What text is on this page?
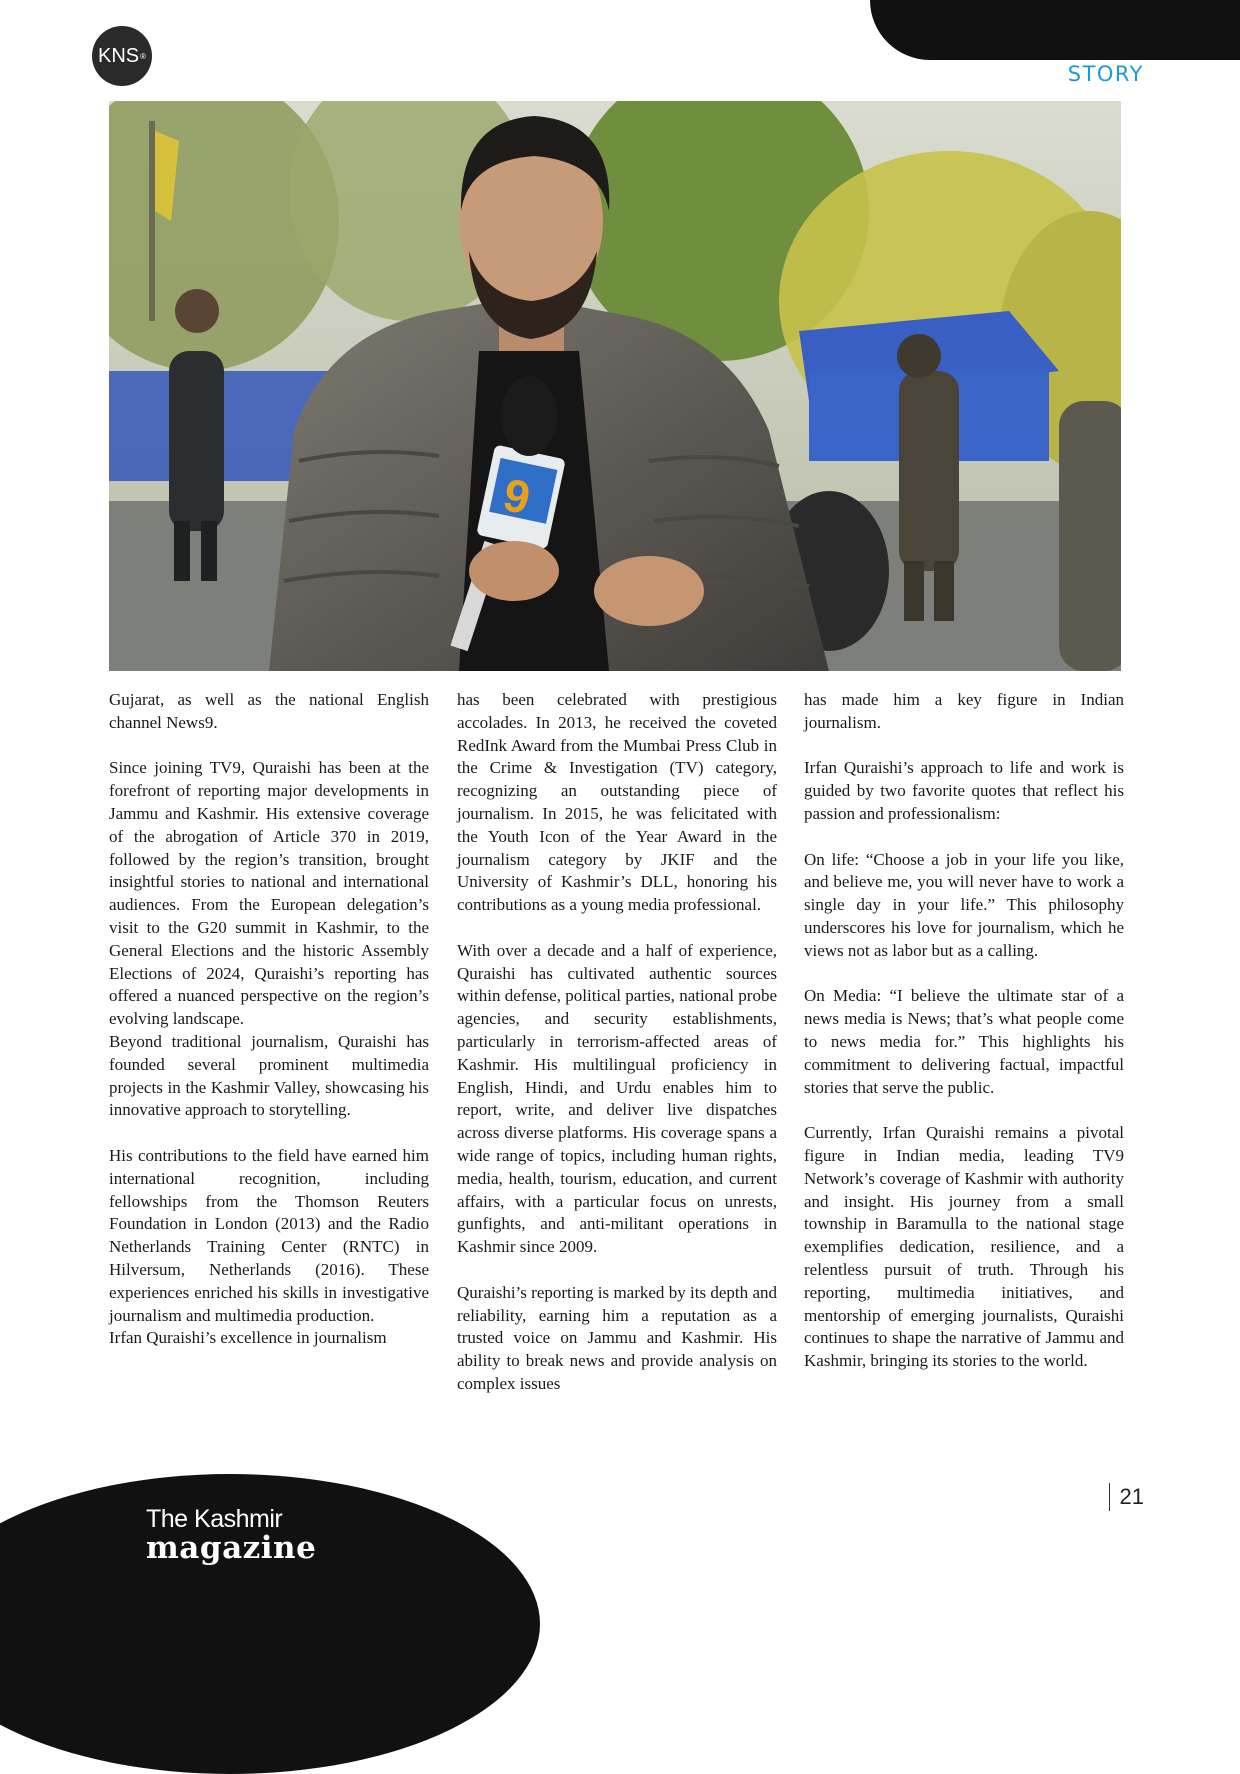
KNS ®
STORY
9

Gujarat, as well as the national English channel News9.

Since joining TV9, Quraishi has been at the forefront of reporting major developments in Jammu and Kashmir. His extensive coverage of the abrogation of Article 370 in 2019, followed by the region’s transition, brought insightful stories to national and international audiences. From the European delegation’s visit to the G20 summit in Kashmir, to the General Elections and the historic Assembly Elections of 2024, Quraishi’s reporting has offered a nuanced perspective on the region’s evolving landscape.

Beyond traditional journalism, Quraishi has founded several prominent multimedia projects in the Kashmir Valley, showcasing his innovative approach to storytelling.

His contributions to the field have earned him international recognition, including fellowships from the Thomson Reuters Foundation in London (2013) and the Radio Netherlands Training Center (RNTC) in Hilversum, Netherlands (2016). These experiences enriched his skills in investigative journalism and multimedia production.

Irfan Quraishi’s excellence in journalism

has been celebrated with prestigious accolades. In 2013, he received the coveted RedInk Award from the Mumbai Press Club in the Crime & Investigation (TV) category, recognizing an outstanding piece of journalism. In 2015, he was felicitated with the Youth Icon of the Year Award in the journalism category by JKIF and the University of Kashmir’s DLL, honoring his contributions as a young media professional.

With over a decade and a half of experience, Quraishi has cultivated authentic sources within defense, political parties, national probe agencies, and security establishments, particularly in terrorism-affected areas of Kashmir. His multilingual proficiency in English, Hindi, and Urdu enables him to report, write, and deliver live dispatches across diverse platforms. His coverage spans a wide range of topics, including human rights, media, health, tourism, education, and current affairs, with a particular focus on unrests, gunfights, and anti-militant operations in Kashmir since 2009.

Quraishi’s reporting is marked by its depth and reliability, earning him a reputation as a trusted voice on Jammu and Kashmir. His ability to break news and provide analysis on complex issues

has made him a key figure in Indian journalism.

Irfan Quraishi’s approach to life and work is guided by two favorite quotes that reflect his passion and professionalism:

On life: “Choose a job in your life you like, and believe me, you will never have to work a single day in your life.” This philosophy underscores his love for journalism, which he views not as labor but as a calling.

On Media: “I believe the ultimate star of a news media is News; that’s what people come to news media for.” This highlights his commitment to delivering factual, impactful stories that serve the public.

Currently, Irfan Quraishi remains a pivotal figure in Indian media, leading TV9 Network’s coverage of Kashmir with authority and insight. His journey from a small township in Baramulla to the national stage exemplifies dedication, resilience, and a relentless pursuit of truth. Through his reporting, multimedia initiatives, and mentorship of emerging journalists, Quraishi continues to shape the narrative of Jammu and Kashmir, bringing its stories to the world.

The Kashmir
magazine
21
